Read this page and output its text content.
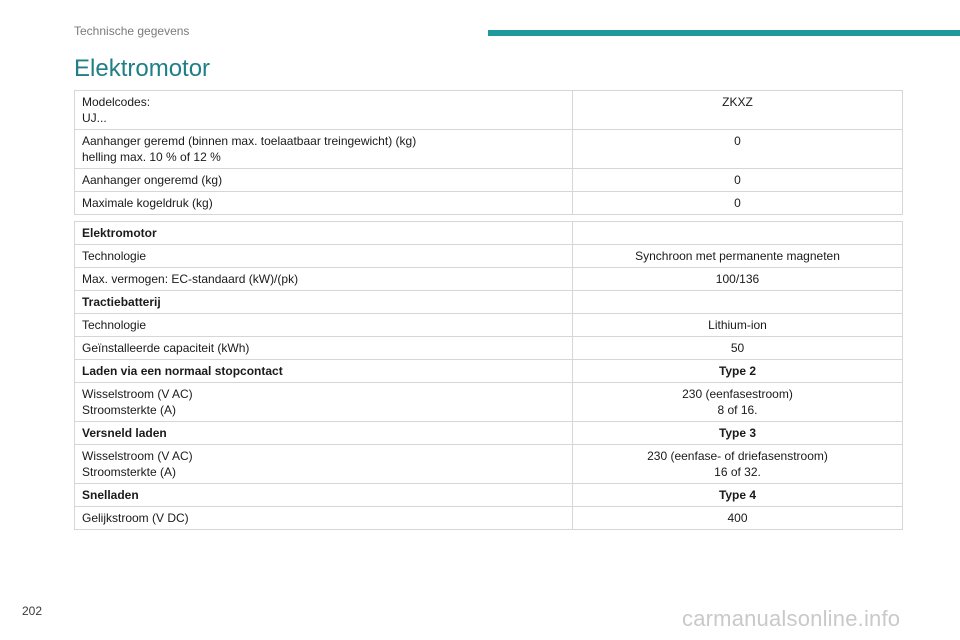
Technische gegevens
Elektromotor
Modelcodes:
UJ...	ZKXZ

Aanhanger geremd (binnen max. toelaatbaar treingewicht) (kg)
helling max. 10 % of 12 %	0

Aanhanger ongeremd (kg)	0

Maximale kogeldruk (kg)	0
Elektromotor	

Technologie	Synchroon met permanente magneten

Max. vermogen: EC-standaard (kW)/(pk)	100/136

Tractiebatterij	

Technologie	Lithium-ion

Geïnstalleerde capaciteit (kWh)	50

Laden via een normaal stopcontact	Type 2

Wisselstroom (V AC)
Stroomsterkte (A)	230 (eenfasestroom)
8 of 16.

Versneld laden	Type 3

Wisselstroom (V AC)
Stroomsterkte (A)	230 (eenfase- of driefasenstroom)
16 of 32.

Snelladen	Type 4

Gelijkstroom (V DC)	400
202	carmanualsonline.info
